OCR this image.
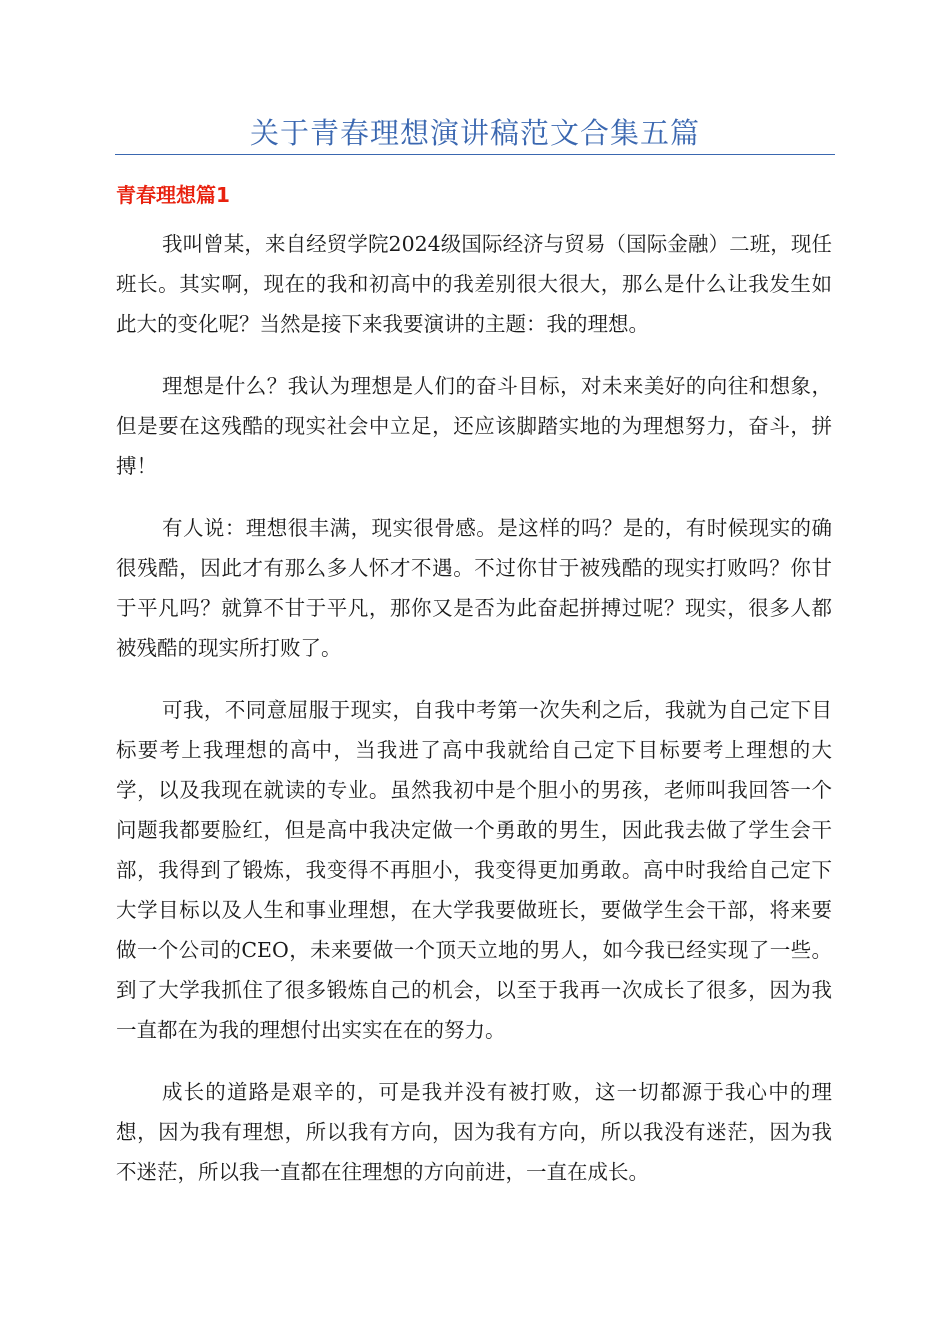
关于青春理想演讲稿范文合集五篇
青春理想篇1

我叫曾某，来自经贸学院2024级国际经济与贸易（国际金融）二班，现任班长。其实啊，现在的我和初高中的我差别很大很大，那么是什么让我发生如此大的变化呢？当然是接下来我要演讲的主题：我的理想。

理想是什么？我认为理想是人们的奋斗目标，对未来美好的向往和想象，但是要在这残酷的现实社会中立足，还应该脚踏实地的为理想努力，奋斗，拼搏！

有人说：理想很丰满，现实很骨感。是这样的吗？是的，有时候现实的确很残酷，因此才有那么多人怀才不遇。不过你甘于被残酷的现实打败吗？你甘于平凡吗？就算不甘于平凡，那你又是否为此奋起拼搏过呢？现实，很多人都被残酷的现实所打败了。

可我，不同意屈服于现实，自我中考第一次失利之后，我就为自己定下目标要考上我理想的高中，当我进了高中我就给自己定下目标要考上理想的大学，以及我现在就读的专业。虽然我初中是个胆小的男孩，老师叫我回答一个问题我都要脸红，但是高中我决定做一个勇敢的男生，因此我去做了学生会干部，我得到了锻炼，我变得不再胆小，我变得更加勇敢。高中时我给自己定下大学目标以及人生和事业理想，在大学我要做班长，要做学生会干部，将来要做一个公司的CEO，未来要做一个顶天立地的男人，如今我已经实现了一些。到了大学我抓住了很多锻炼自己的机会，以至于我再一次成长了很多，因为我一直都在为我的理想付出实实在在的努力。

成长的道路是艰辛的，可是我并没有被打败，这一切都源于我心中的理想，因为我有理想，所以我有方向，因为我有方向，所以我没有迷茫，因为我不迷茫，所以我一直都在往理想的方向前进，一直在成长。
